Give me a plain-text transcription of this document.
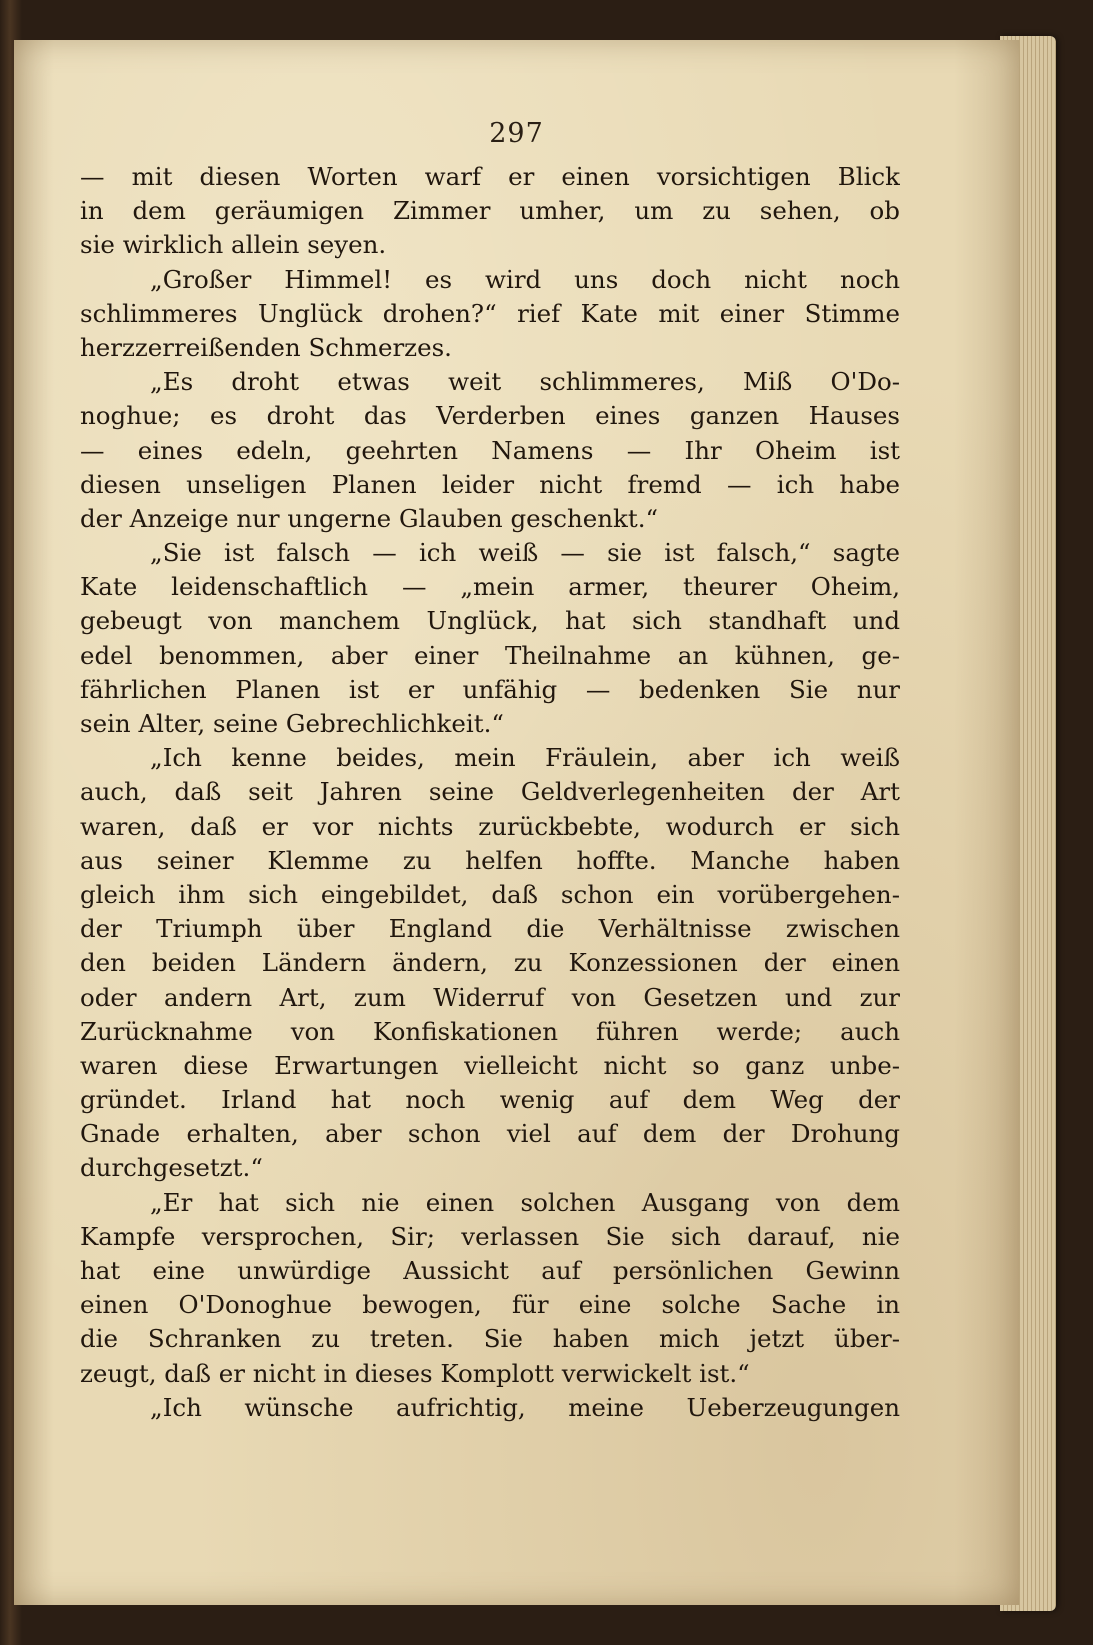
297
— mit diesen Worten warf er einen vorsichtigen Blick
in dem geräumigen Zimmer umher, um zu sehen, ob
sie wirklich allein seyen.
„Großer Himmel! es wird uns doch nicht noch
schlimmeres Unglück drohen?“ rief Kate mit einer Stimme
herzzerreißenden Schmerzes.
„Es droht etwas weit schlimmeres, Miß O'Do-
noghue; es droht das Verderben eines ganzen Hauses
— eines edeln, geehrten Namens — Ihr Oheim ist
diesen unseligen Planen leider nicht fremd — ich habe
der Anzeige nur ungerne Glauben geschenkt.“
„Sie ist falsch — ich weiß — sie ist falsch,“ sagte
Kate leidenschaftlich — „mein armer, theurer Oheim,
gebeugt von manchem Unglück, hat sich standhaft und
edel benommen, aber einer Theilnahme an kühnen, ge-
fährlichen Planen ist er unfähig — bedenken Sie nur
sein Alter, seine Gebrechlichkeit.“
„Ich kenne beides, mein Fräulein, aber ich weiß
auch, daß seit Jahren seine Geldverlegenheiten der Art
waren, daß er vor nichts zurückbebte, wodurch er sich
aus seiner Klemme zu helfen hoffte. Manche haben
gleich ihm sich eingebildet, daß schon ein vorübergehen-
der Triumph über England die Verhältnisse zwischen
den beiden Ländern ändern, zu Konzessionen der einen
oder andern Art, zum Widerruf von Gesetzen und zur
Zurücknahme von Konfiskationen führen werde; auch
waren diese Erwartungen vielleicht nicht so ganz unbe-
gründet. Irland hat noch wenig auf dem Weg der
Gnade erhalten, aber schon viel auf dem der Drohung
durchgesetzt.“
„Er hat sich nie einen solchen Ausgang von dem
Kampfe versprochen, Sir; verlassen Sie sich darauf, nie
hat eine unwürdige Aussicht auf persönlichen Gewinn
einen O'Donoghue bewogen, für eine solche Sache in
die Schranken zu treten. Sie haben mich jetzt über-
zeugt, daß er nicht in dieses Komplott verwickelt ist.“
„Ich wünsche aufrichtig, meine Ueberzeugungen
